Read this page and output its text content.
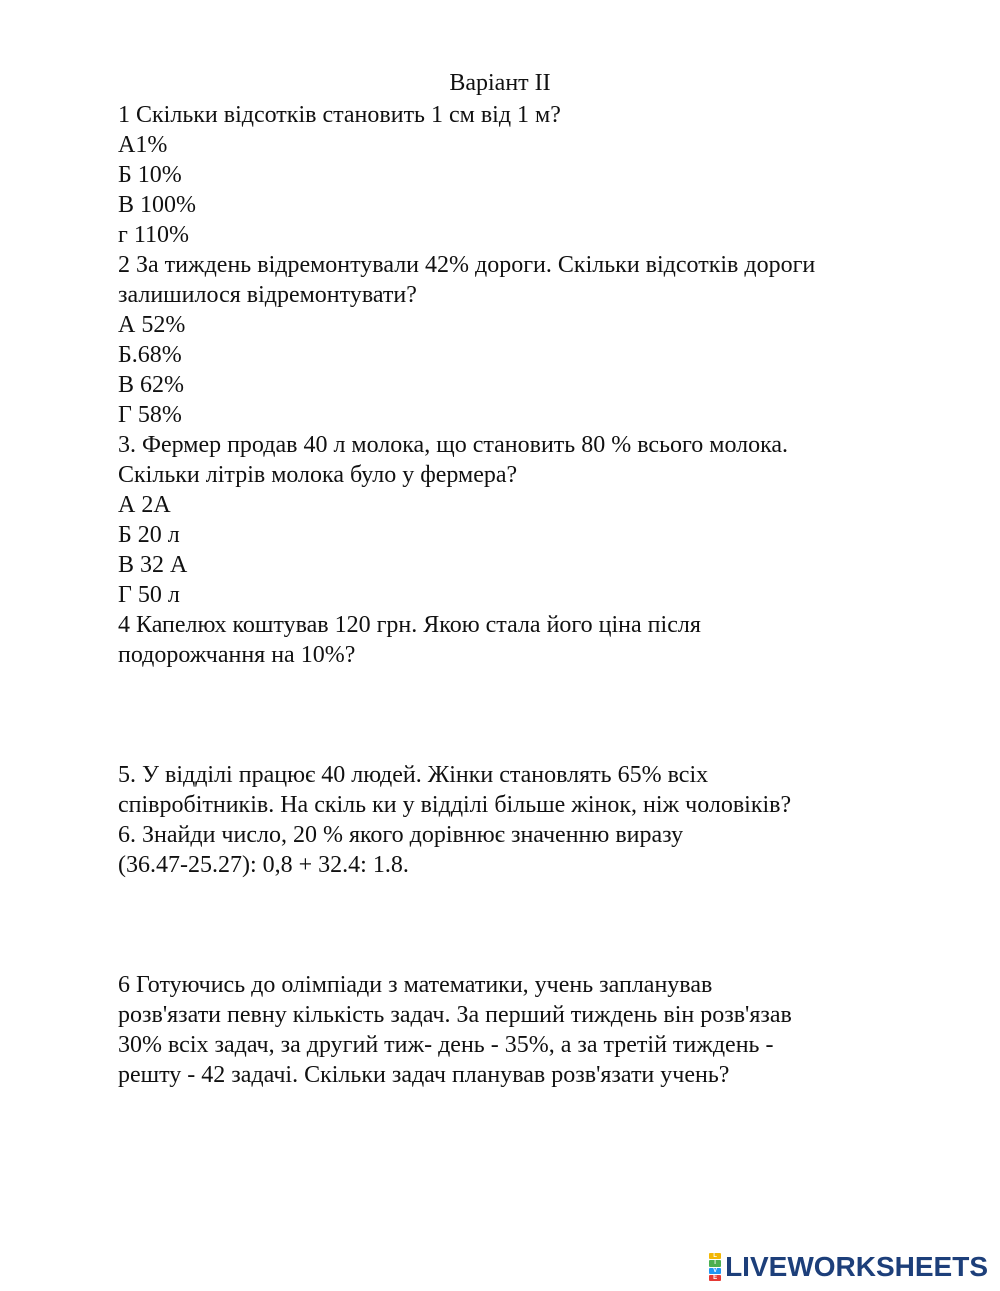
Варіант ІІ
1 Скільки відсотків становить 1 см від 1 м?
А1%
Б 10%
В 100%
г 110%
2 За тиждень відремонтували 42% дороги. Скільки відсотків дороги
залишилося відремонтувати?
А 52%
Б.68%
В 62%
Г 58%
3. Фермер продав 40 л молока, що становить 80 % всього молока.
Скільки літрів молока було у фермера?
А 2А
Б 20 л
В 32 А
Г 50 л
4 Капелюх коштував 120 грн. Якою стала його ціна після
подорожчання на 10%?
5. У відділі працює 40 людей. Жінки становлять 65% всіх
співробітників. На скіль ки у відділі більше жінок, ніж чоловіків?
6. Знайди число, 20 % якого дорівнює значенню виразу
(36.47-25.27): 0,8 + 32.4: 1.8.
6 Готуючись до олімпіади з математики, учень запланував
розв'язати певну кількість задач. За перший тиждень він розв'язав
30% всіх задач, за другий тиж- день - 35%, а за третій тиждень -
решту - 42 задачі. Скільки задач планував розв'язати учень?
L
I
V
E LIVEWORKSHEETS
